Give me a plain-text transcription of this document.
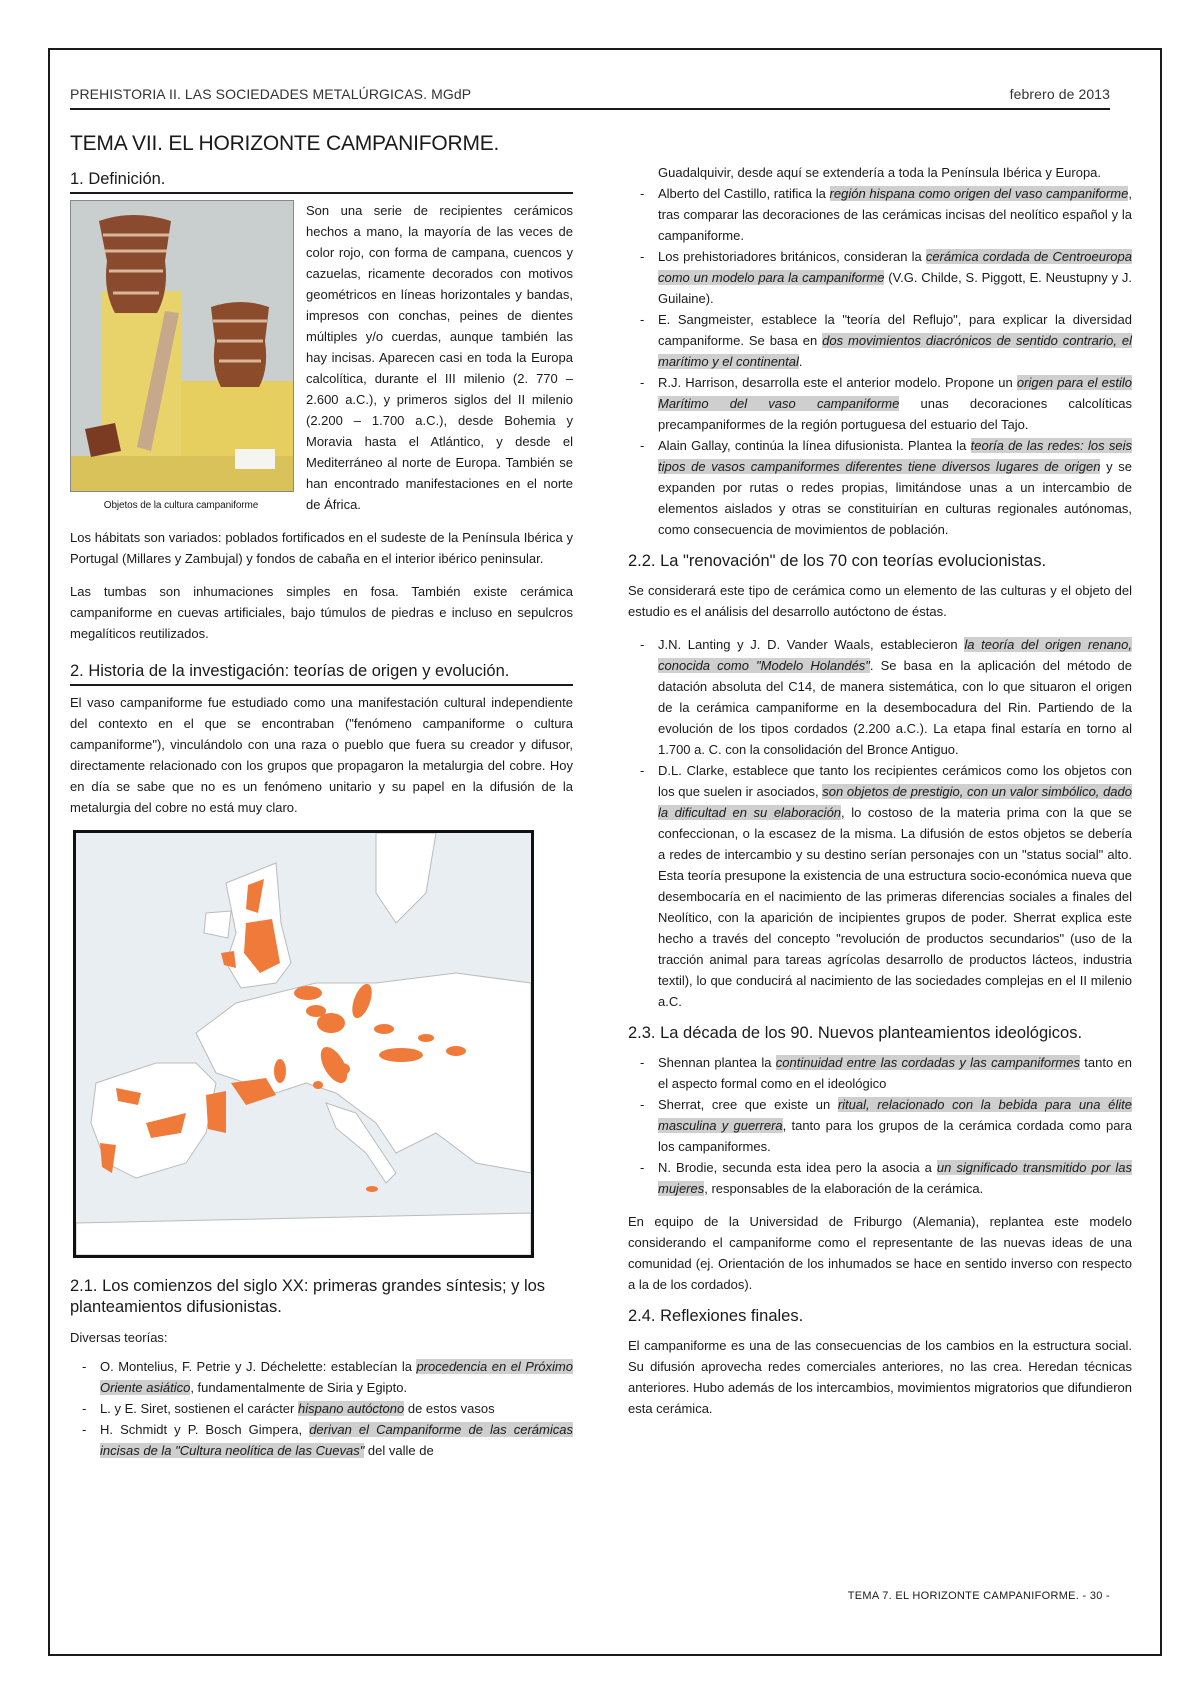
PREHISTORIA II. LAS SOCIEDADES METALÚRGICAS. MGdP	febrero de 2013
TEMA VII. EL HORIZONTE CAMPANIFORME.
1. Definición.
Objetos de la cultura campaniforme

Son una serie de recipientes cerámicos hechos a mano, la mayoría de las veces de color rojo, con forma de campana, cuencos y cazuelas, ricamente decorados con motivos geométricos en líneas horizontales y bandas, impresos con conchas, peines de dientes múltiples y/o cuerdas, aunque también las hay incisas. Aparecen casi en toda la Europa calcolítica, durante el III milenio (2. 770 – 2.600 a.C.), y primeros siglos del II milenio (2.200 – 1.700 a.C.), desde Bohemia y Moravia hasta el Atlántico, y desde el Mediterráneo al norte de Europa. También se han encontrado manifestaciones en el norte de África.

Los hábitats son variados: poblados fortificados en el sudeste de la Península Ibérica y Portugal (Millares y Zambujal) y fondos de cabaña en el interior ibérico peninsular.

Las tumbas son inhumaciones simples en fosa. También existe cerámica campaniforme en cuevas artificiales, bajo túmulos de piedras e incluso en sepulcros megalíticos reutilizados.

2. Historia de la investigación: teorías de origen y evolución.

El vaso campaniforme fue estudiado como una manifestación cultural independiente del contexto en el que se encontraban ("fenómeno campaniforme o cultura campaniforme"), vinculándolo con una raza o pueblo que fuera su creador y difusor, directamente relacionado con los grupos que propagaron la metalurgia del cobre. Hoy en día se sabe que no es un fenómeno unitario y su papel en la difusión de la metalurgia del cobre no está muy claro.

2.1. Los comienzos del siglo XX: primeras grandes síntesis; y los planteamientos difusionistas.

Diversas teorías:

- O. Montelius, F. Petrie y J. Déchelette: establecían la procedencia en el Próximo Oriente asiático, fundamentalmente de Siria y Egipto.
- L. y E. Siret, sostienen el carácter hispano autóctono de estos vasos
- H. Schmidt y P. Bosch Gimpera, derivan el Campaniforme de las cerámicas incisas de la "Cultura neolítica de las Cuevas" del valle de
Guadalquivir, desde aquí se extendería a toda la Península Ibérica y Europa.
- Alberto del Castillo, ratifica la región hispana como origen del vaso campaniforme, tras comparar las decoraciones de las cerámicas incisas del neolítico español y la campaniforme.
- Los prehistoriadores británicos, consideran la cerámica cordada de Centroeuropa como un modelo para la campaniforme (V.G. Childe, S. Piggott, E. Neustupny y J. Guilaine).
- E. Sangmeister, establece la "teoría del Reflujo", para explicar la diversidad campaniforme. Se basa en dos movimientos diacrónicos de sentido contrario, el marítimo y el continental.
- R.J. Harrison, desarrolla este el anterior modelo. Propone un origen para el estilo Marítimo del vaso campaniforme unas decoraciones calcolíticas precampaniformes de la región portuguesa del estuario del Tajo.
- Alain Gallay, continúa la línea difusionista. Plantea la teoría de las redes: los seis tipos de vasos campaniformes diferentes tiene diversos lugares de origen y se expanden por rutas o redes propias, limitándose unas a un intercambio de elementos aislados y otras se constituirían en culturas regionales autónomas, como consecuencia de movimientos de población.
2.2. La "renovación" de los 70 con teorías evolucionistas.

Se considerará este tipo de cerámica como un elemento de las culturas y el objeto del estudio es el análisis del desarrollo autóctono de éstas.

- J.N. Lanting y J. D. Vander Waals, establecieron la teoría del origen renano, conocida como "Modelo Holandés". Se basa en la aplicación del método de datación absoluta del C14, de manera sistemática, con lo que situaron el origen de la cerámica campaniforme en la desembocadura del Rin. Partiendo de la evolución de los tipos cordados (2.200 a.C.). La etapa final estaría en torno al 1.700 a. C. con la consolidación del Bronce Antiguo.
- D.L. Clarke, establece que tanto los recipientes cerámicos como los objetos con los que suelen ir asociados, son objetos de prestigio, con un valor simbólico, dado la dificultad en su elaboración, lo costoso de la materia prima con la que se confeccionan, o la escasez de la misma. La difusión de estos objetos se debería a redes de intercambio y su destino serían personajes con un "status social" alto. Esta teoría presupone la existencia de una estructura socio-económica nueva que desembocaría en el nacimiento de las primeras diferencias sociales a finales del Neolítico, con la aparición de incipientes grupos de poder. Sherrat explica este hecho a través del concepto "revolución de productos secundarios" (uso de la tracción animal para tareas agrícolas desarrollo de productos lácteos, industria textil), lo que conducirá al nacimiento de las sociedades complejas en el II milenio a.C.
2.3. La década de los 90. Nuevos planteamientos ideológicos.
- Shennan plantea la continuidad entre las cordadas y las campaniformes tanto en el aspecto formal como en el ideológico
- Sherrat, cree que existe un ritual, relacionado con la bebida para una élite masculina y guerrera, tanto para los grupos de la cerámica cordada como para los campaniformes.
- N. Brodie, secunda esta idea pero la asocia a un significado transmitido por las mujeres, responsables de la elaboración de la cerámica.

En equipo de la Universidad de Friburgo (Alemania), replantea este modelo considerando el campaniforme como el representante de las nuevas ideas de una comunidad (ej. Orientación de los inhumados se hace en sentido inverso con respecto a la de los cordados).

2.4. Reflexiones finales.

El campaniforme es una de las consecuencias de los cambios en la estructura social. Su difusión aprovecha redes comerciales anteriores, no las crea. Heredan técnicas anteriores. Hubo además de los intercambios, movimientos migratorios que difundieron esta cerámica.

TEMA 7. EL HORIZONTE CAMPANIFORME. - 30 -
